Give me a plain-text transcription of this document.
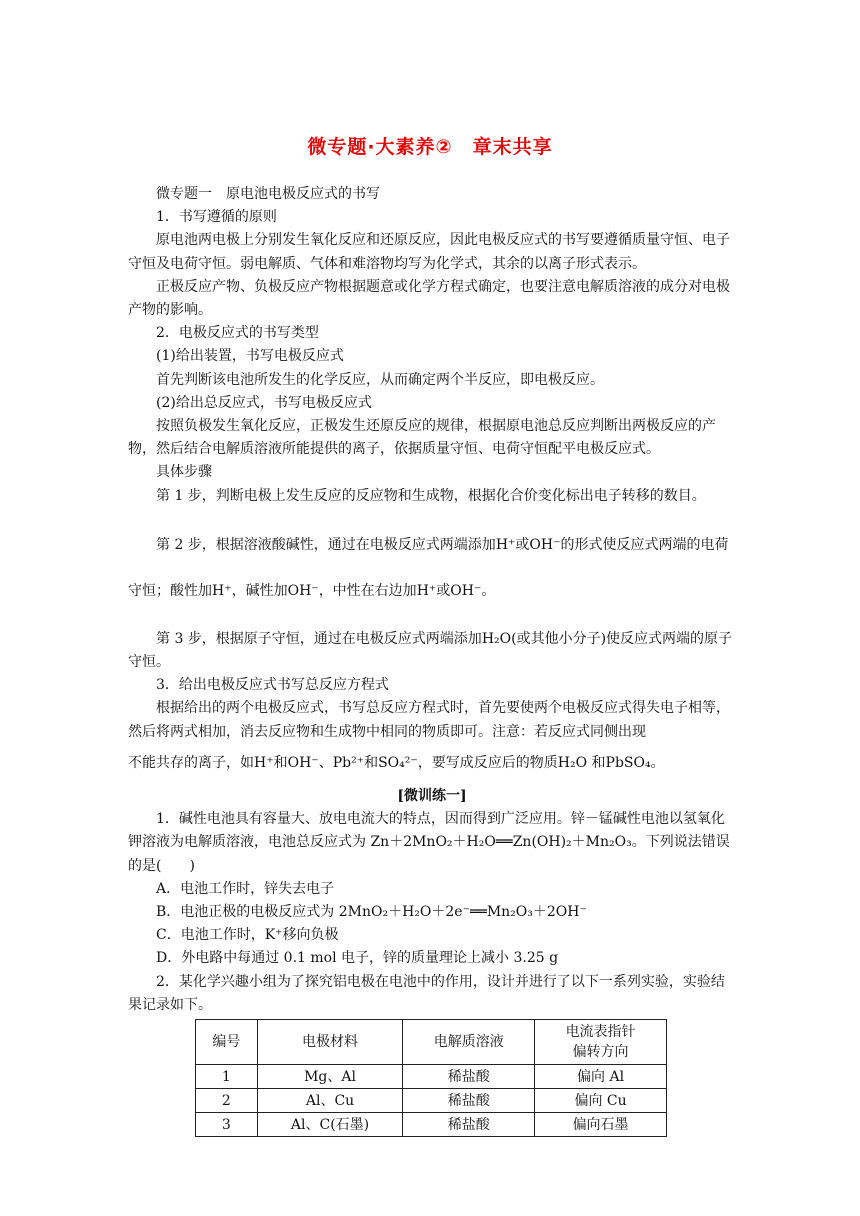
微专题·大素养②　章末共享

微专题一　原电池电极反应式的书写

1．书写遵循的原则

原电池两电极上分别发生氧化反应和还原反应，因此电极反应式的书写要遵循质量守恒、电子守恒及电荷守恒。弱电解质、气体和难溶物均写为化学式，其余的以离子形式表示。

正极反应产物、负极反应产物根据题意或化学方程式确定，也要注意电解质溶液的成分对电极产物的影响。

2．电极反应式的书写类型

(1)给出装置，书写电极反应式

首先判断该电池所发生的化学反应，从而确定两个半反应，即电极反应。

(2)给出总反应式，书写电极反应式

按照负极发生氧化反应，正极发生还原反应的规律，根据原电池总反应判断出两极反应的产物，然后结合电解质溶液所能提供的离子，依据质量守恒、电荷守恒配平电极反应式。

具体步骤

第 1 步，判断电极上发生反应的反应物和生成物，根据化合价变化标出电子转移的数目。

第 2 步，根据溶液酸碱性，通过在电极反应式两端添加H⁺或OH⁻的形式使反应式两端的电荷守恒；酸性加H⁺，碱性加OH⁻，中性在右边加H⁺或OH⁻。

第 3 步，根据原子守恒，通过在电极反应式两端添加H₂O(或其他小分子)使反应式两端的原子守恒。

3．给出电极反应式书写总反应方程式

根据给出的两个电极反应式，书写总反应方程式时，首先要使两个电极反应式得失电子相等，然后将两式相加，消去反应物和生成物中相同的物质即可。注意：若反应式同侧出现

不能共存的离子，如H⁺和OH⁻、Pb²⁺和SO₄²⁻，要写成反应后的物质H₂O 和PbSO₄。

[微训练一]

1．碱性电池具有容量大、放电电流大的特点，因而得到广泛应用。锌－锰碱性电池以氢氧化钾溶液为电解质溶液，电池总反应式为 Zn＋2MnO₂＋H₂O══Zn(OH)₂＋Mn₂O₃。下列说法错误的是(　　)

A．电池工作时，锌失去电子

B．电池正极的电极反应式为 2MnO₂＋H₂O＋2e⁻══Mn₂O₃＋2OH⁻

C．电池工作时，K⁺移向负极

D．外电路中每通过 0.1 mol 电子，锌的质量理论上减小 3.25 g

2．某化学兴趣小组为了探究铝电极在电池中的作用，设计并进行了以下一系列实验，实验结果记录如下。

编号	电极材料	电解质溶液	电流表指针
偏转方向
1	Mg、Al	稀盐酸	偏向 Al
2	Al、Cu	稀盐酸	偏向 Cu
3	Al、C(石墨)	稀盐酸	偏向石墨
